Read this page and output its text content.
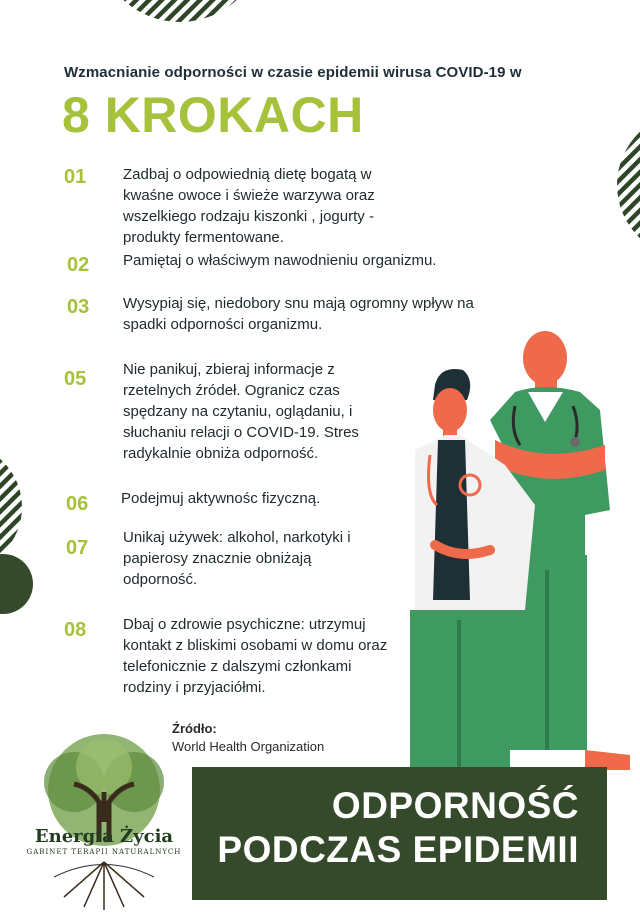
Wzmacnianie odporności w czasie epidemii wirusa COVID-19 w
8 KROKACH
01 Zadbaj o odpowiednią dietę bogatą w kwaśne owoce i świeże warzywa oraz wszelkiego rodzaju kiszonki , jogurty - produkty fermentowane.
02 Pamiętaj o właściwym nawodnieniu organizmu.
03 Wysypiaj się, niedobory snu mają ogromny wpływ na spadki odporności organizmu.
05 Nie panikuj, zbieraj informacje z rzetelnych źródeł. Ogranicz czas spędzany na czytaniu, oglądaniu, i słuchaniu relacji o COVID-19. Stres radykalnie obniża odporność.
06 Podejmuj aktywnośc fizyczną.
07 Unikaj używek: alkohol, narkotyki i papierosy znacznie obniżają odporność.
08 Dbaj o zdrowie psychiczne: utrzymuj kontakt z bliskimi osobami w domu oraz telefonicznie z dalszymi członkami rodziny i przyjaciółmi.
Źródło:
World Health Organization
ODPORNOŚĆ
PODCZAS EPIDEMII
Energia Życia
GABINET TERAPII NATURALNYCH
